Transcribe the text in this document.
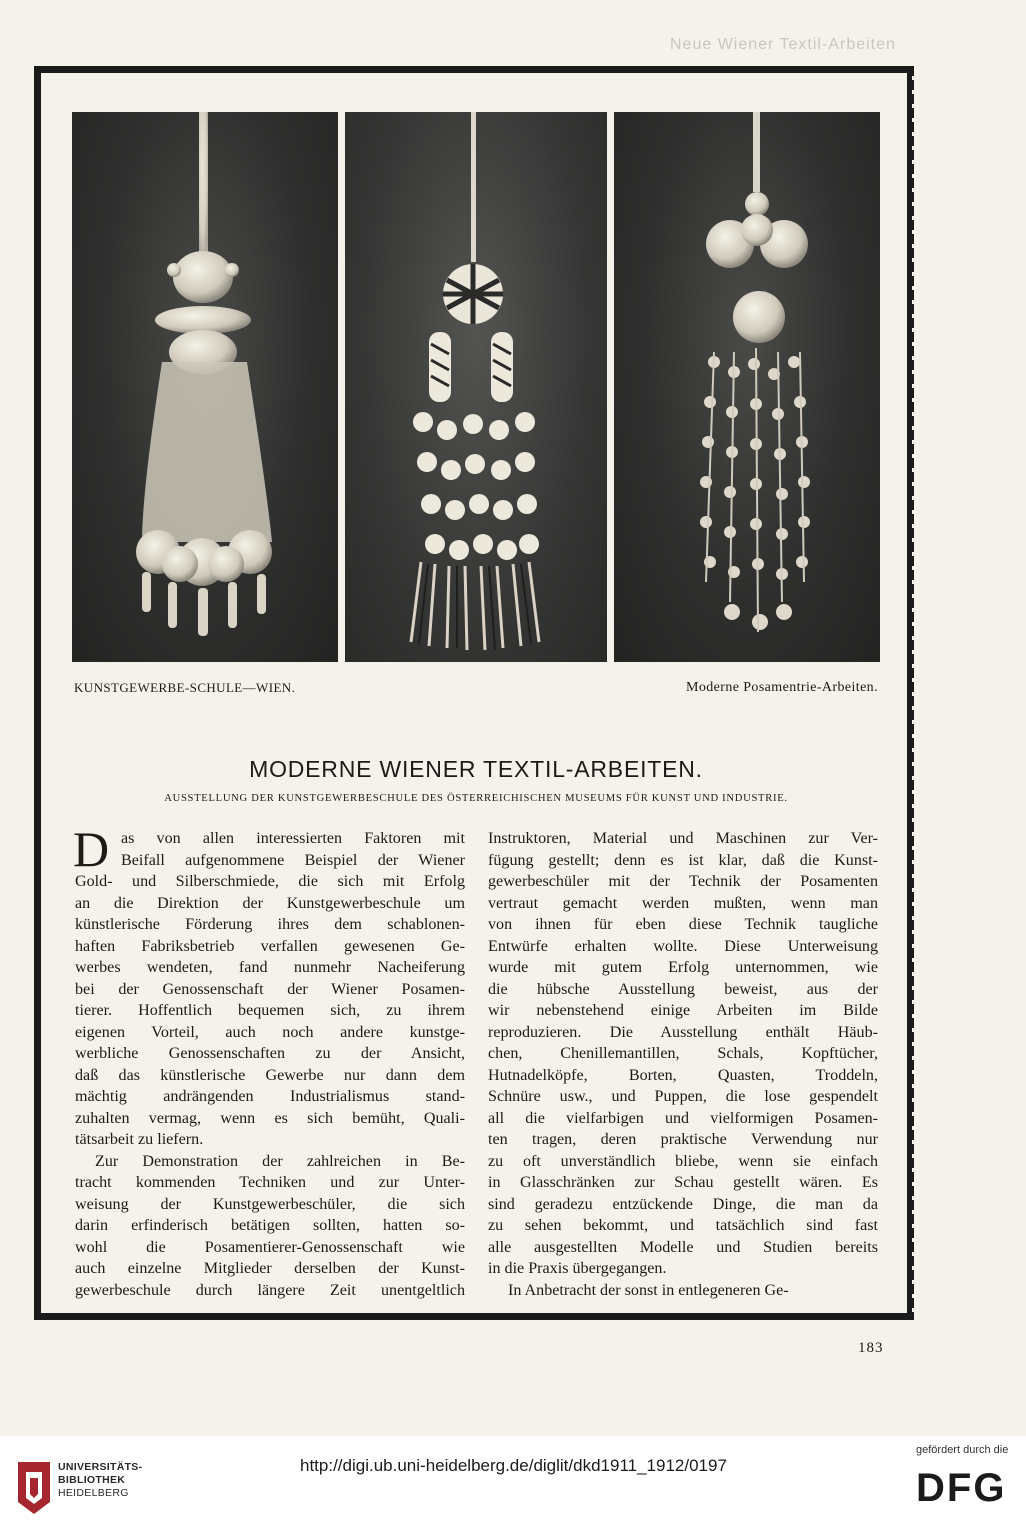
Neue Wiener Textil-Arbeiten
KUNSTGEWERBE-SCHULE—WIEN.	Moderne Posamentrie-Arbeiten.
MODERNE WIENER TEXTIL-ARBEITEN.
AUSSTELLUNG DER KUNSTGEWERBESCHULE DES ÖSTERREICHISCHEN MUSEUMS FÜR KUNST UND INDUSTRIE.
D as von allen interessierten Faktoren mit
Beifall aufgenommene Beispiel der Wiener
Gold- und Silberschmiede, die sich mit Erfolg
an die Direktion der Kunstgewerbeschule um
künstlerische Förderung ihres dem schablonen-
haften Fabriksbetrieb verfallen gewesenen Ge-
werbes wendeten, fand nunmehr Nacheiferung
bei der Genossenschaft der Wiener Posamen-
tierer. Hoffentlich bequemen sich, zu ihrem
eigenen Vorteil, auch noch andere kunstge-
werbliche Genossenschaften zu der Ansicht,
daß das künstlerische Gewerbe nur dann dem
mächtig andrängenden Industrialismus stand-
zuhalten vermag, wenn es sich bemüht, Quali-
tätsarbeit zu liefern.
Zur Demonstration der zahlreichen in Be-
tracht kommenden Techniken und zur Unter-
weisung der Kunstgewerbeschüler, die sich
darin erfinderisch betätigen sollten, hatten so-
wohl die Posamentierer-Genossenschaft wie
auch einzelne Mitglieder derselben der Kunst-
gewerbeschule durch längere Zeit unentgeltlich
Instruktoren, Material und Maschinen zur Ver-
fügung gestellt; denn es ist klar, daß die Kunst-
gewerbeschüler mit der Technik der Posamenten
vertraut gemacht werden mußten, wenn man
von ihnen für eben diese Technik taugliche
Entwürfe erhalten wollte. Diese Unterweisung
wurde mit gutem Erfolg unternommen, wie
die hübsche Ausstellung beweist, aus der
wir nebenstehend einige Arbeiten im Bilde
reproduzieren. Die Ausstellung enthält Häub-
chen, Chenillemantillen, Schals, Kopftücher,
Hutnadelköpfe, Borten, Quasten, Troddeln,
Schnüre usw., und Puppen, die lose gespendelt
all die vielfarbigen und vielformigen Posamen-
ten tragen, deren praktische Verwendung nur
zu oft unverständlich bliebe, wenn sie einfach
in Glasschränken zur Schau gestellt wären. Es
sind geradezu entzückende Dinge, die man da
zu sehen bekommt, und tatsächlich sind fast
alle ausgestellten Modelle und Studien bereits
in die Praxis übergegangen.
In Anbetracht der sonst in entlegeneren Ge-
183
UNIVERSITÄTS-
BIBLIOTHEK
HEIDELBERG
http://digi.ub.uni-heidelberg.de/diglit/dkd1911_1912/0197
gefördert durch die
DFG
